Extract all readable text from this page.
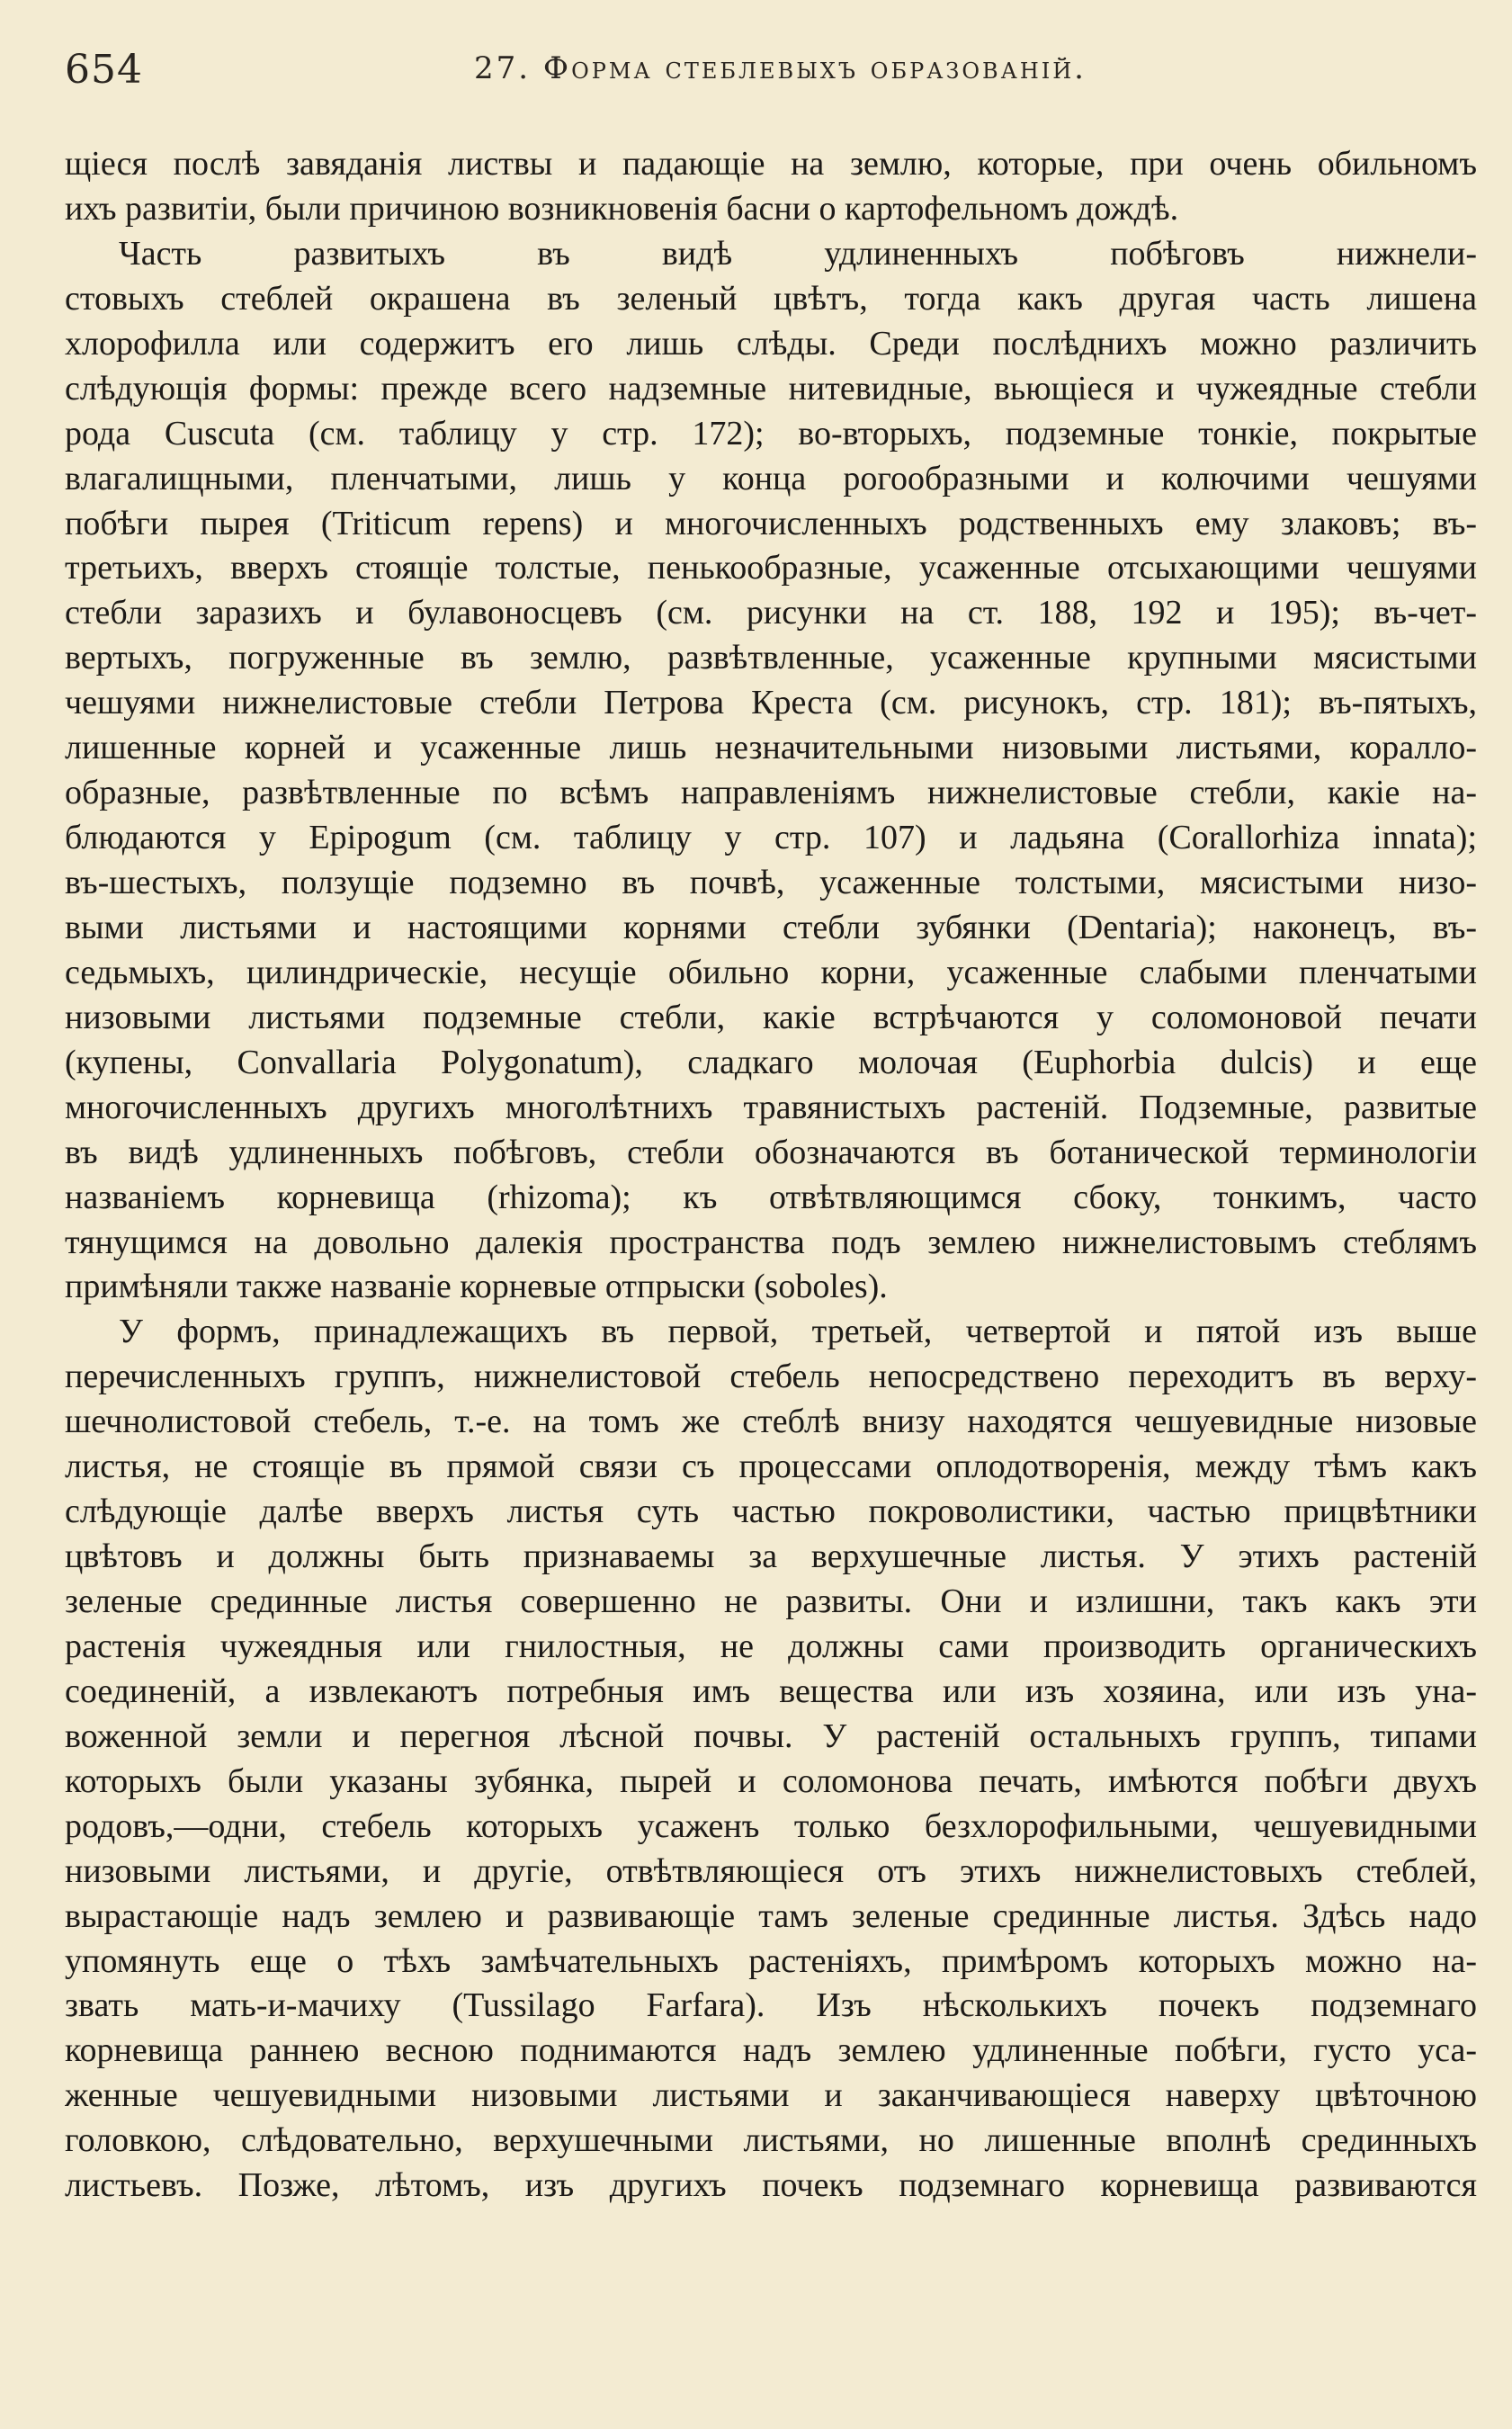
654	27. Форма стеблевыхъ образованій.
щіеся послѣ завяданія листвы и падающіе на землю, которые, при очень обильномъ
ихъ развитіи, были причиною возникновенія басни о картофельномъ дождѣ.
Часть развитыхъ въ видѣ удлиненныхъ побѣговъ нижнели-
стовыхъ стеблей окрашена въ зеленый цвѣтъ, тогда какъ другая часть лишена
хлорофилла или содержитъ его лишь слѣды. Среди послѣднихъ можно различить
слѣдующія формы: прежде всего надземные нитевидные, вьющіеся и чужеядные стебли
рода Cuscuta (см. таблицу у стр. 172); во-вторыхъ, подземные тонкіе, покрытые
влагалищными, пленчатыми, лишь у конца рогообразными и колючими чешуями
побѣги пырея (Triticum repens) и многочисленныхъ родственныхъ ему злаковъ; въ-
третьихъ, вверхъ стоящіе толстые, пенькообразные, усаженные отсыхающими чешуями
стебли заразихъ и булавоносцевъ (см. рисунки на ст. 188, 192 и 195); въ-чет-
вертыхъ, погруженные въ землю, развѣтвленные, усаженные крупными мясистыми
чешуями нижнелистовые стебли Петрова Креста (см. рисунокъ, стр. 181); въ-пятыхъ,
лишенные корней и усаженные лишь незначительными низовыми листьями, коралло-
образные, развѣтвленные по всѣмъ направленіямъ нижнелистовые стебли, какіе на-
блюдаются у Epipogum (см. таблицу у стр. 107) и ладьяна (Corallorhiza innata);
въ-шестыхъ, ползущіе подземно въ почвѣ, усаженные толстыми, мясистыми низо-
выми листьями и настоящими корнями стебли зубянки (Dentaria); наконецъ, въ-
седьмыхъ, цилиндрическіе, несущіе обильно корни, усаженные слабыми пленчатыми
низовыми листьями подземные стебли, какіе встрѣчаются у соломоновой печати
(купены, Convallaria Polygonatum), сладкаго молочая (Euphorbia dulcis) и еще
многочисленныхъ другихъ многолѣтнихъ травянистыхъ растеній. Подземные, развитые
въ видѣ удлиненныхъ побѣговъ, стебли обозначаются въ ботанической терминологіи
названіемъ корневища (rhizoma); къ отвѣтвляющимся сбоку, тонкимъ, часто
тянущимся на довольно далекія пространства подъ землею нижнелистовымъ стеблямъ
примѣняли также названіе корневые отпрыски (soboles).
У формъ, принадлежащихъ въ первой, третьей, четвертой и пятой изъ выше
перечисленныхъ группъ, нижнелистовой стебель непосредствено переходитъ въ верху-
шечнолистовой стебель, т.-е. на томъ же стеблѣ внизу находятся чешуевидные низовые
листья, не стоящіе въ прямой связи съ процессами оплодотворенія, между тѣмъ какъ
слѣдующіе далѣе вверхъ листья суть частью покроволистики, частью прицвѣтники
цвѣтовъ и должны быть признаваемы за верхушечные листья. У этихъ растеній
зеленые срединные листья совершенно не развиты. Они и излишни, такъ какъ эти
растенія чужеядныя или гнилостныя, не должны сами производить органическихъ
соединеній, а извлекаютъ потребныя имъ вещества или изъ хозяина, или изъ уна-
воженной земли и перегноя лѣсной почвы. У растеній остальныхъ группъ, типами
которыхъ были указаны зубянка, пырей и соломонова печать, имѣются побѣги двухъ
родовъ,—одни, стебель которыхъ усаженъ только безхлорофильными, чешуевидными
низовыми листьями, и другіе, отвѣтвляющіеся отъ этихъ нижнелистовыхъ стеблей,
вырастающіе надъ землею и развивающіе тамъ зеленые срединные листья. Здѣсь надо
упомянуть еще о тѣхъ замѣчательныхъ растеніяхъ, примѣромъ которыхъ можно на-
звать мать-и-мачиху (Tussilago Farfara). Изъ нѣсколькихъ почекъ подземнаго
корневища раннею весною поднимаются надъ землею удлиненные побѣги, густо уса-
женные чешуевидными низовыми листьями и заканчивающіеся наверху цвѣточною
головкою, слѣдовательно, верхушечными листьями, но лишенные вполнѣ срединныхъ
листьевъ. Позже, лѣтомъ, изъ другихъ почекъ подземнаго корневища развиваются
